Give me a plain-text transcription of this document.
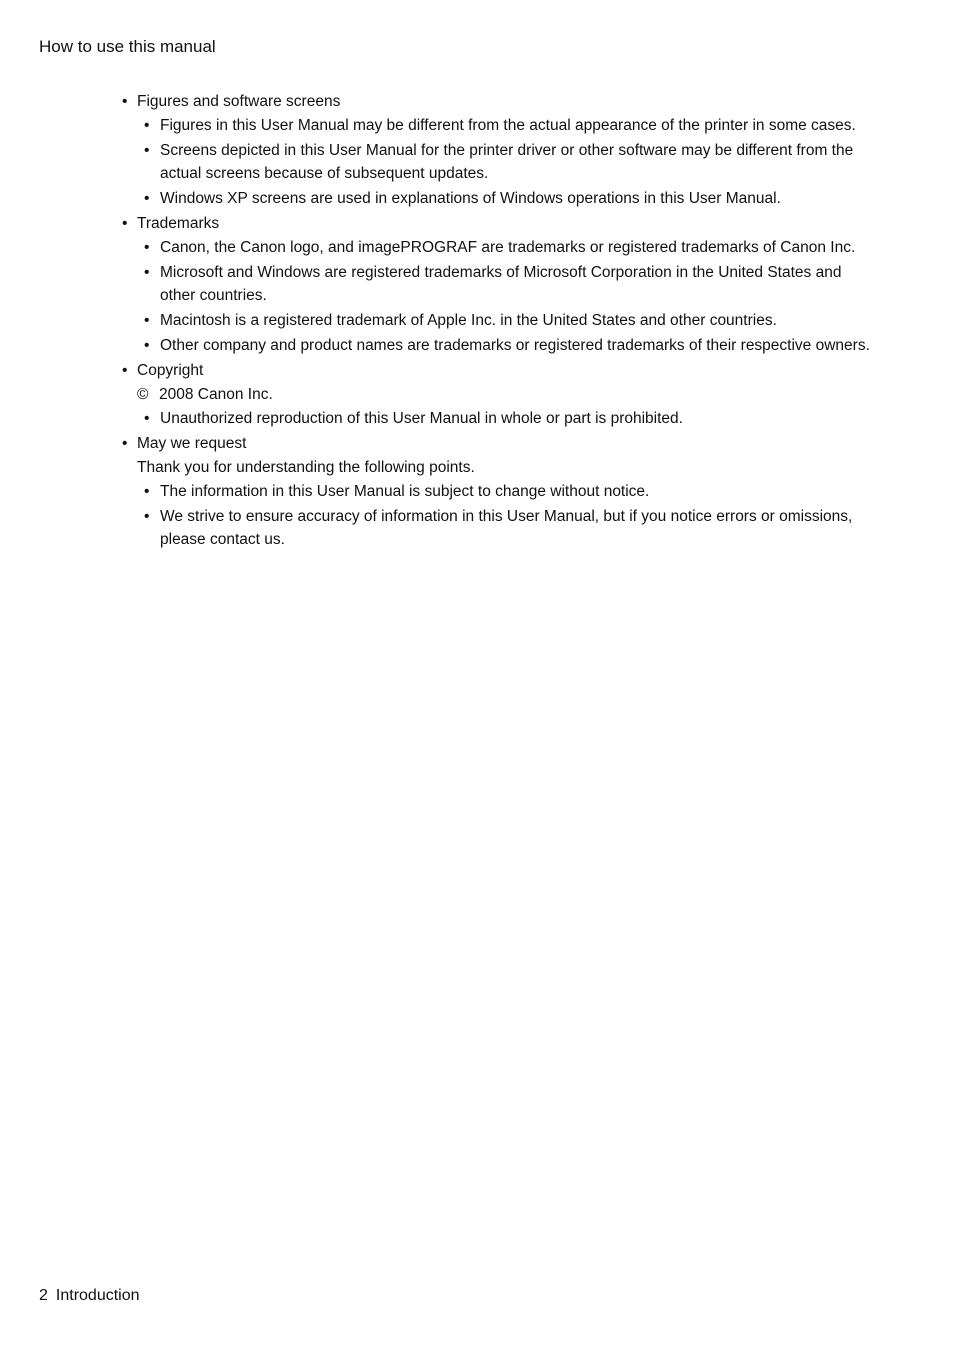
How to use this manual
• Figures and software screens
• Figures in this User Manual may be different from the actual appearance of the printer in some cases.
• Screens depicted in this User Manual for the printer driver or other software may be different from the actual screens because of subsequent updates.
• Windows XP screens are used in explanations of Windows operations in this User Manual.
• Trademarks
• Canon, the Canon logo, and imagePROGRAF are trademarks or registered trademarks of Canon Inc.
• Microsoft and Windows are registered trademarks of Microsoft Corporation in the United States and other countries.
• Macintosh is a registered trademark of Apple Inc. in the United States and other countries.
• Other company and product names are trademarks or registered trademarks of their respective owners.
• Copyright
© 2008 Canon Inc.
• Unauthorized reproduction of this User Manual in whole or part is prohibited.
• May we request
Thank you for understanding the following points.
• The information in this User Manual is subject to change without notice.
• We strive to ensure accuracy of information in this User Manual, but if you notice errors or omissions, please contact us.
2 Introduction
